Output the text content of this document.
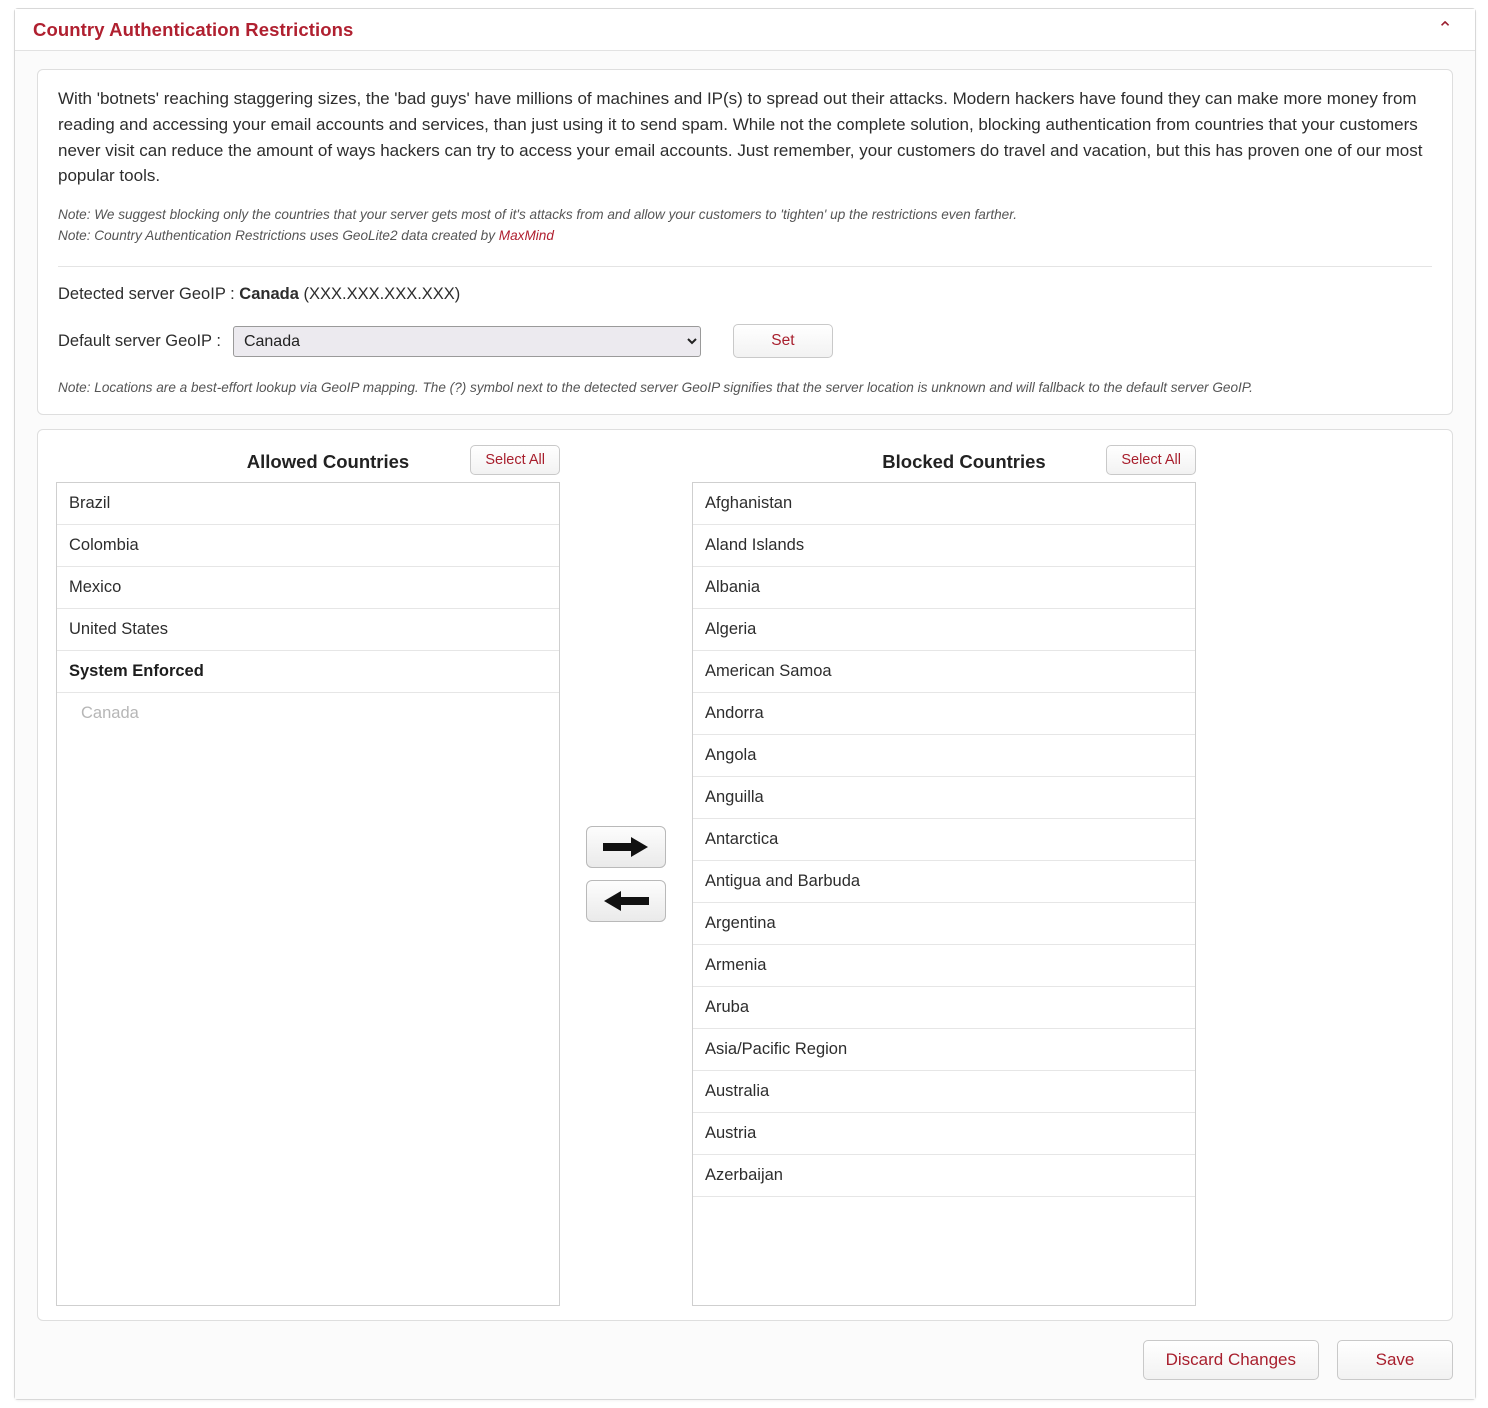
Country Authentication Restrictions	⌃

With 'botnets' reaching staggering sizes, the 'bad guys' have millions of machines and IP(s) to spread out their attacks. Modern hackers have found they can make more money from reading and accessing your email accounts and services, than just using it to send spam. While not the complete solution, blocking authentication from countries that your customers never visit can reduce the amount of ways hackers can try to access your email accounts. Just remember, your customers do travel and vacation, but this has proven one of our most popular tools.

Note: We suggest blocking only the countries that your server gets most of it's attacks from and allow your customers to 'tighten' up the restrictions even farther.

Note: Country Authentication Restrictions uses GeoLite2 data created by MaxMind

Detected server GeoIP : Canada (XXX.XXX.XXX.XXX)
Default server GeoIP :
Canada	Set

Note: Locations are a best-effort lookup via GeoIP mapping. The (?) symbol next to the detected server GeoIP signifies that the server location is unknown and will fallback to the default server GeoIP.

Allowed Countries	Select All
Brazil
Colombia
Mexico
United States
System Enforced
Canada
Blocked Countries	Select All
Afghanistan
Aland Islands
Albania
Algeria
American Samoa
Andorra
Angola
Anguilla
Antarctica
Antigua and Barbuda
Argentina
Armenia
Aruba
Asia/Pacific Region
Australia
Austria
Azerbaijan
Discard Changes	Save
